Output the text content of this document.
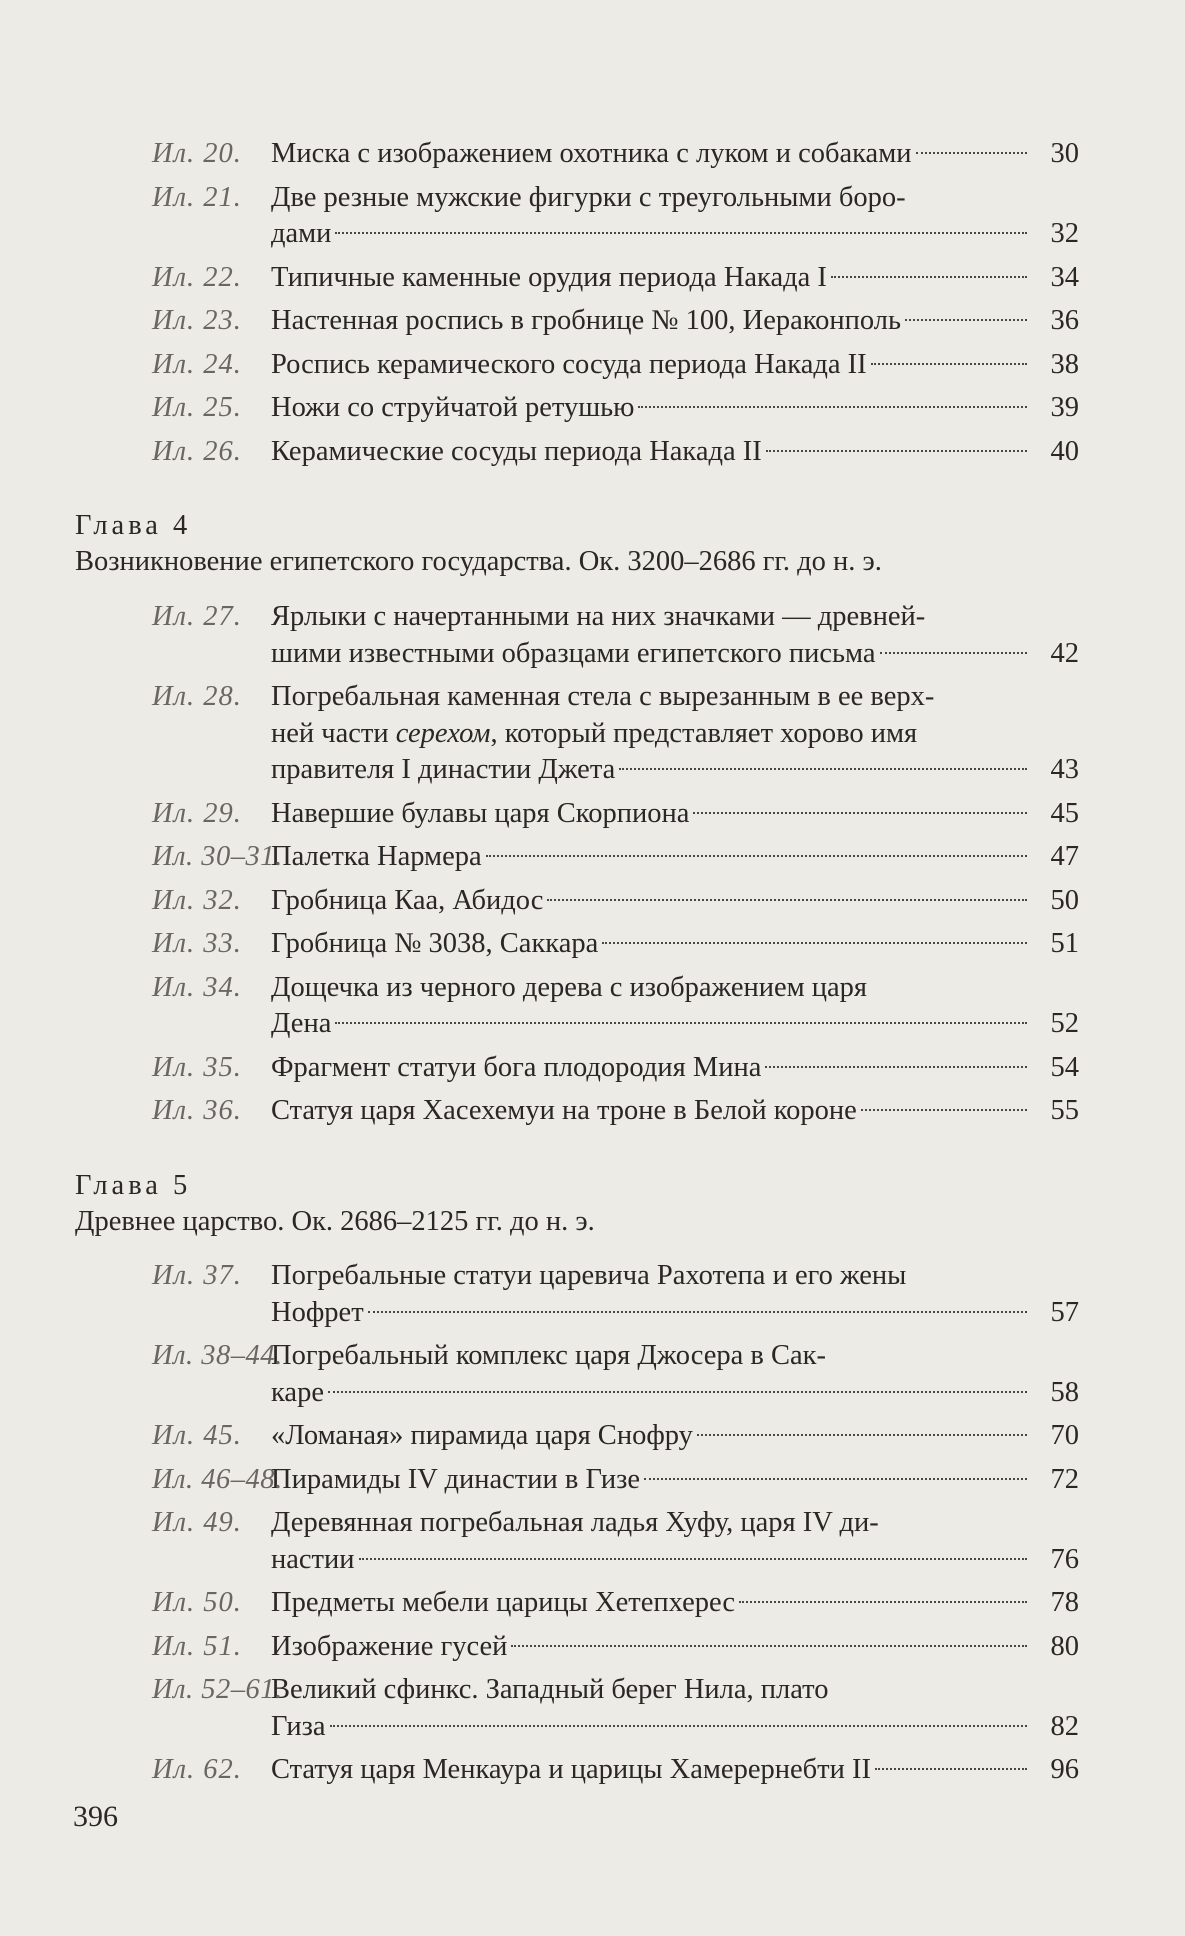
Ил. 20. Миска с изображением охотника с луком и собаками	30
Ил. 21. Две резные мужские фигурки с треугольными боро-
дами	32
Ил. 22. Типичные каменные орудия периода Накада I	34
Ил. 23. Настенная роспись в гробнице № 100, Иераконполь	36
Ил. 24. Роспись керамического сосуда периода Накада II	38
Ил. 25. Ножи со струйчатой ретушью	39
Ил. 26. Керамические сосуды периода Накада II	40
Глава 4
Возникновение египетского государства. Ок. 3200–2686 гг. до н. э.
Ил. 27. Ярлыки с начертанными на них значками — древней-
шими известными образцами египетского письма	42
Ил. 28. Погребальная каменная стела с вырезанным в ее верх-
ней части серехом, который представляет хорово имя
правителя I династии Джета	43
Ил. 29. Навершие булавы царя Скорпиона	45
Ил. 30–31.
Палетка Нармера	47
Ил. 32. Гробница Каа, Абидос	50
Ил. 33. Гробница № 3038, Саккара	51
Ил. 34. Дощечка из черного дерева с изображением царя
Дена	52
Ил. 35. Фрагмент статуи бога плодородия Мина	54
Ил. 36. Статуя царя Хасехемуи на троне в Белой короне	55
Глава 5
Древнее царство. Ок. 2686–2125 гг. до н. э.
Ил. 37. Погребальные статуи царевича Рахотепа и его жены
Нофрет	57
Ил. 38–44.
Погребальный комплекс царя Джосера в Сак-
каре	58
Ил. 45. «Ломаная» пирамида царя Снофру	70
Ил. 46–48.
Пирамиды IV династии в Гизе	72
Ил. 49. Деревянная погребальная ладья Хуфу, царя IV ди-
настии	76
Ил. 50. Предметы мебели царицы Хетепхерес	78
Ил. 51. Изображение гусей	80
Ил. 52–61.
Великий сфинкс. Западный берег Нила, плато
Гиза	82
Ил. 62. Статуя царя Менкаура и царицы Хамерернебти II	96
396
